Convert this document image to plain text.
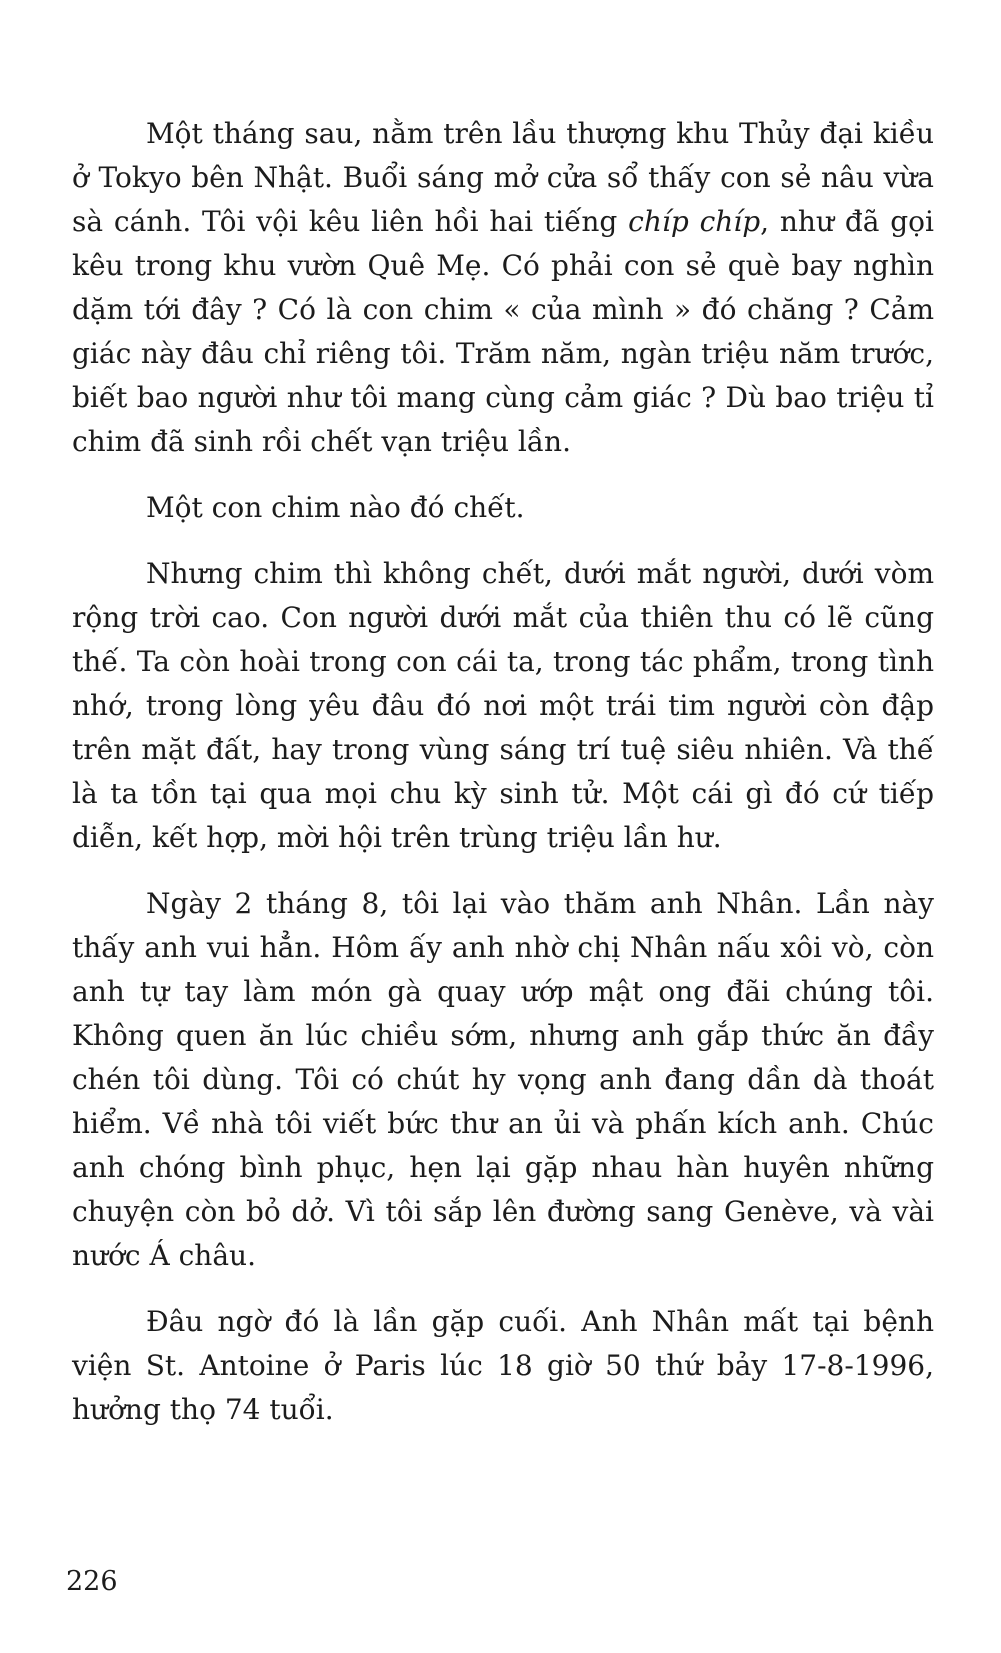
Một tháng sau, nằm trên lầu thượng khu Thủy đại kiều ở Tokyo bên Nhật. Buổi sáng mở cửa sổ thấy con sẻ nâu vừa sà cánh. Tôi vội kêu liên hồi hai tiếng chíp chíp, như đã gọi kêu trong khu vườn Quê Mẹ. Có phải con sẻ què bay nghìn dặm tới đây ? Có là con chim « của mình » đó chăng ? Cảm giác này đâu chỉ riêng tôi. Trăm năm, ngàn triệu năm trước, biết bao người như tôi mang cùng cảm giác ? Dù bao triệu tỉ chim đã sinh rồi chết vạn triệu lần.

Một con chim nào đó chết.

Nhưng chim thì không chết, dưới mắt người, dưới vòm rộng trời cao. Con người dưới mắt của thiên thu có lẽ cũng thế. Ta còn hoài trong con cái ta, trong tác phẩm, trong tình nhớ, trong lòng yêu đâu đó nơi một trái tim người còn đập trên mặt đất, hay trong vùng sáng trí tuệ siêu nhiên. Và thế là ta tồn tại qua mọi chu kỳ sinh tử. Một cái gì đó cứ tiếp diễn, kết hợp, mời hội trên trùng triệu lần hư.

Ngày 2 tháng 8, tôi lại vào thăm anh Nhân. Lần này thấy anh vui hẳn. Hôm ấy anh nhờ chị Nhân nấu xôi vò, còn anh tự tay làm món gà quay ướp mật ong đãi chúng tôi. Không quen ăn lúc chiều sớm, nhưng anh gắp thức ăn đầy chén tôi dùng. Tôi có chút hy vọng anh đang dần dà thoát hiểm. Về nhà tôi viết bức thư an ủi và phấn kích anh. Chúc anh chóng bình phục, hẹn lại gặp nhau hàn huyên những chuyện còn bỏ dở. Vì tôi sắp lên đường sang Genève, và vài nước Á châu.

Đâu ngờ đó là lần gặp cuối. Anh Nhân mất tại bệnh viện St. Antoine ở Paris lúc 18 giờ 50 thứ bảy 17-8-1996, hưởng thọ 74 tuổi.

226
